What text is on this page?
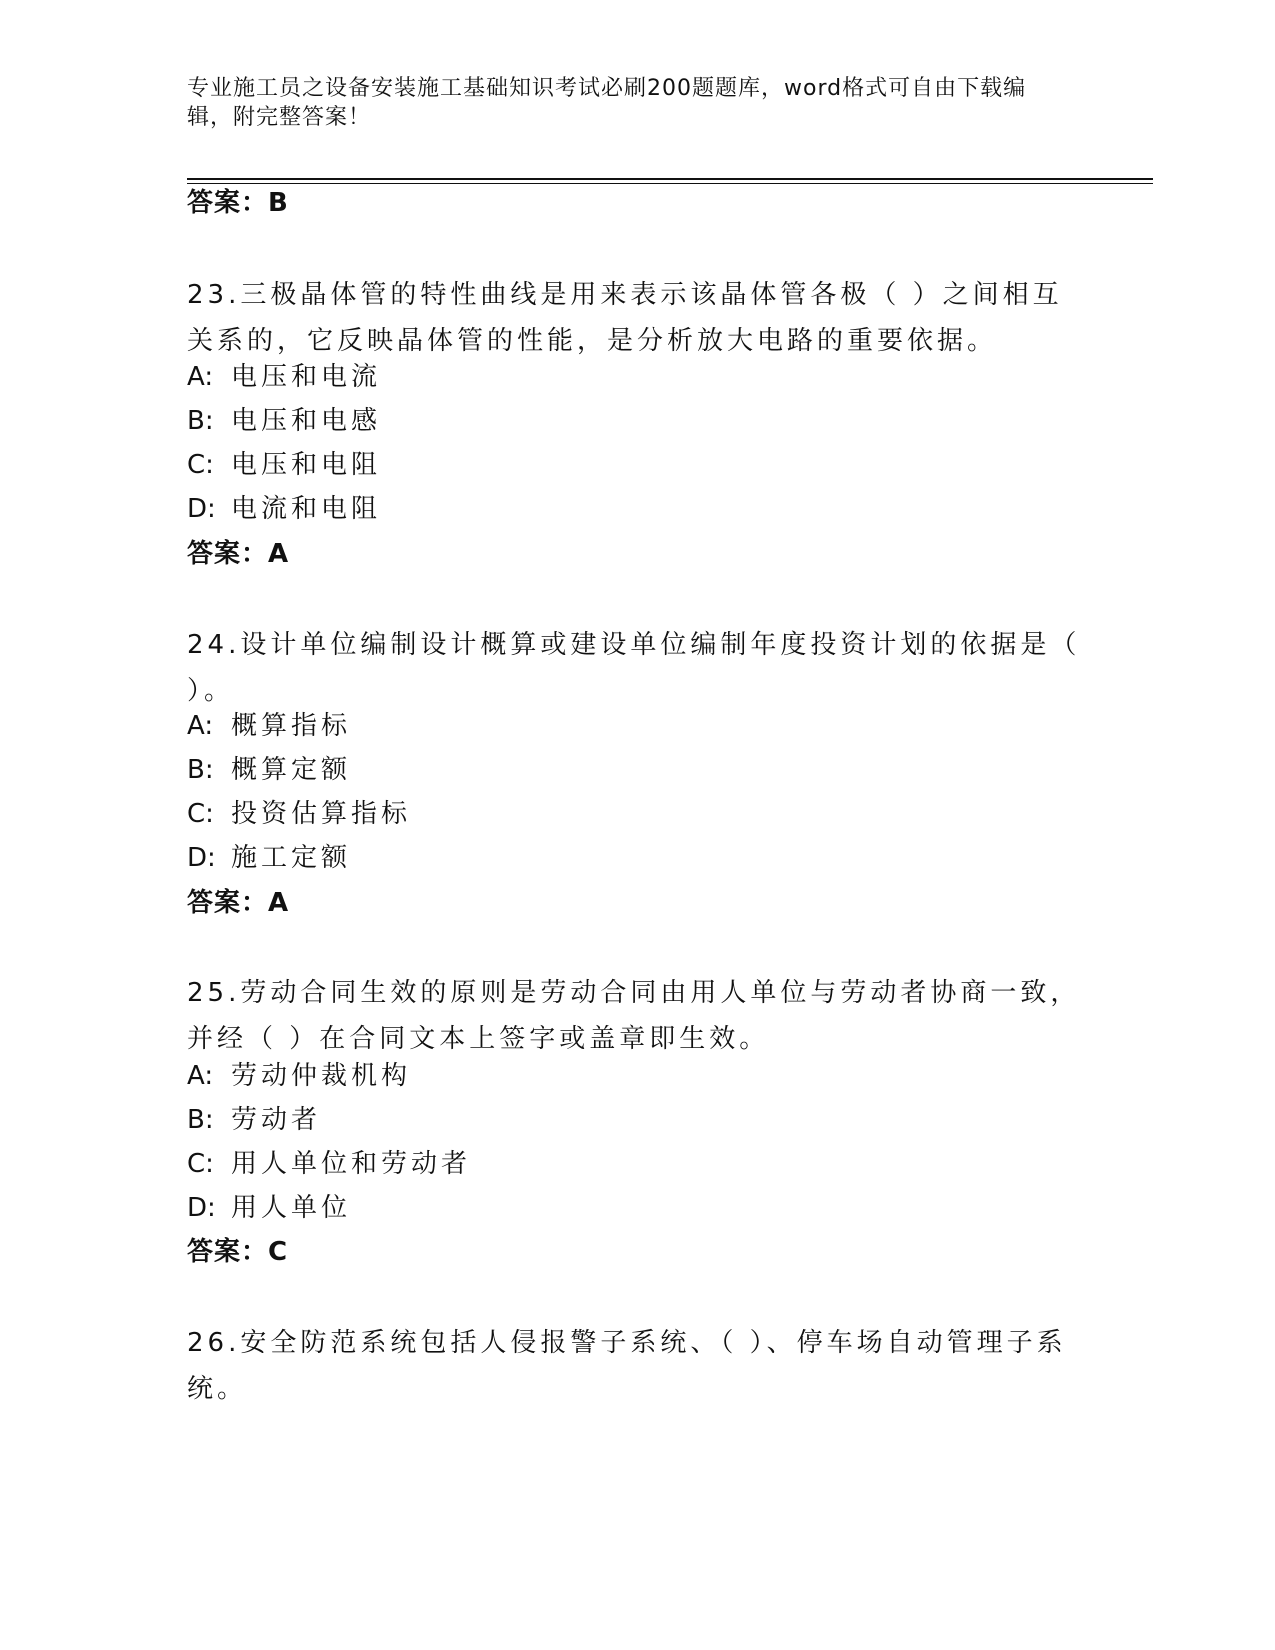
专业施工员之设备安装施工基础知识考试必刷200题题库，word格式可自由下载编辑，附完整答案！
答案：B
23.三极晶体管的特性曲线是用来表示该晶体管各极（ ）之间相互关系的，它反映晶体管的性能，是分析放大电路的重要依据。
A: 电压和电流
B: 电压和电感
C: 电压和电阻
D: 电流和电阻
答案：A
24.设计单位编制设计概算或建设单位编制年度投资计划的依据是（ ）。
A: 概算指标
B: 概算定额
C: 投资估算指标
D: 施工定额
答案：A
25.劳动合同生效的原则是劳动合同由用人单位与劳动者协商一致，并经（ ）在合同文本上签字或盖章即生效。
A: 劳动仲裁机构
B: 劳动者
C: 用人单位和劳动者
D: 用人单位
答案：C
26.安全防范系统包括人侵报警子系统、（ ）、停车场自动管理子系统。
